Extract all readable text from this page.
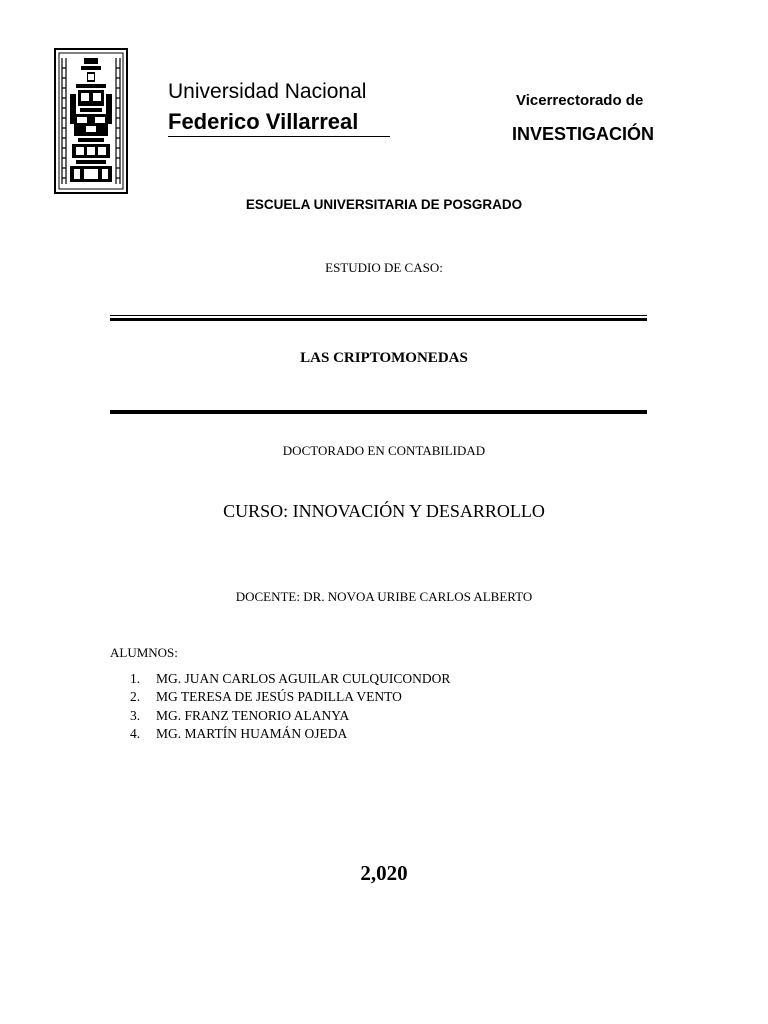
Universidad Nacional
Federico Villarreal
Vicerrectorado de
INVESTIGACIÓN
ESCUELA UNIVERSITARIA DE POSGRADO
ESTUDIO DE CASO:
LAS CRIPTOMONEDAS
DOCTORADO EN CONTABILIDAD
CURSO: INNOVACIÓN Y DESARROLLO
DOCENTE: DR. NOVOA URIBE CARLOS ALBERTO
ALUMNOS:
1. MG. JUAN CARLOS AGUILAR CULQUICONDOR
2. MG TERESA DE JESÚS PADILLA VENTO
3. MG. FRANZ TENORIO ALANYA
4. MG. MARTÍN HUAMÁN OJEDA
2,020
